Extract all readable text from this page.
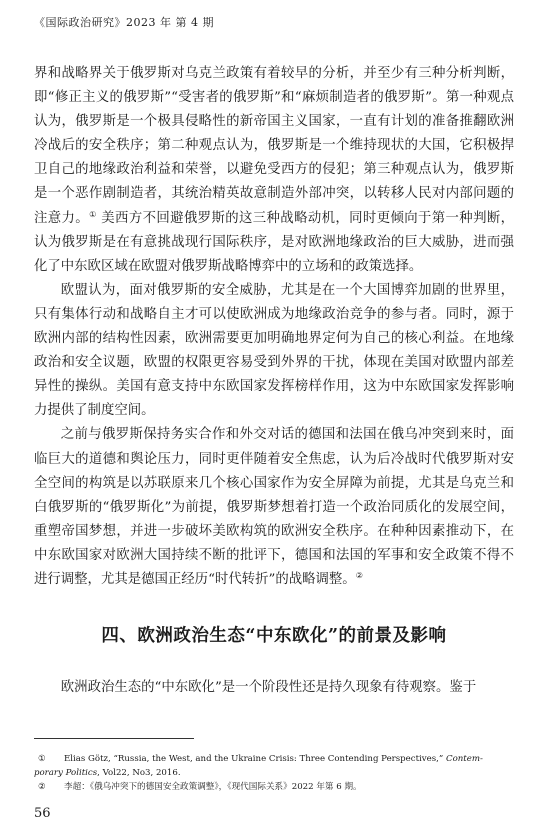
《国际政治研究》2023 年 第 4 期

界和战略界关于俄罗斯对乌克兰政策有着较早的分析，并至少有三种分析判断，即“修正主义的俄罗斯”“受害者的俄罗斯”和“麻烦制造者的俄罗斯”。第一种观点认为，俄罗斯是一个极具侵略性的新帝国主义国家，一直有计划的准备推翻欧洲冷战后的安全秩序；第二种观点认为，俄罗斯是一个维持现状的大国，它积极捍卫自己的地缘政治利益和荣誉，以避免受西方的侵犯；第三种观点认为，俄罗斯是一个恶作剧制造者，其统治精英故意制造外部冲突，以转移人民对内部问题的注意力。① 美西方不回避俄罗斯的这三种战略动机，同时更倾向于第一种判断，认为俄罗斯是在有意挑战现行国际秩序，是对欧洲地缘政治的巨大威胁，进而强化了中东欧区域在欧盟对俄罗斯战略博弈中的立场和的政策选择。

欧盟认为，面对俄罗斯的安全威胁，尤其是在一个大国博弈加剧的世界里，只有集体行动和战略自主才可以使欧洲成为地缘政治竞争的参与者。同时，源于欧洲内部的结构性因素，欧洲需要更加明确地界定何为自己的核心利益。在地缘政治和安全议题，欧盟的权限更容易受到外界的干扰，体现在美国对欧盟内部差异性的操纵。美国有意支持中东欧国家发挥榜样作用，这为中东欧国家发挥影响力提供了制度空间。

之前与俄罗斯保持务实合作和外交对话的德国和法国在俄乌冲突到来时，面临巨大的道德和舆论压力，同时更伴随着安全焦虑，认为后冷战时代俄罗斯对安全空间的构筑是以苏联原来几个核心国家作为安全屏障为前提，尤其是乌克兰和白俄罗斯的“俄罗斯化”为前提，俄罗斯梦想着打造一个政治同质化的发展空间，重塑帝国梦想，并进一步破坏美欧构筑的欧洲安全秩序。在种种因素推动下，在中东欧国家对欧洲大国持续不断的批评下，德国和法国的军事和安全政策不得不进行调整，尤其是德国正经历“时代转折”的战略调整。②

四、欧洲政治生态“中东欧化”的前景及影响

欧洲政治生态的“中东欧化”是一个阶段性还是持久现象有待观察。鉴于

① Elias Götz, “Russia, the West, and the Ukraine Crisis: Three Contending Perspectives,” Contem-
porary Politics, Vol22, No3, 2016.

② 李超：《俄乌冲突下的德国安全政策调整》，《现代国际关系》2022 年第 6 期。

56
